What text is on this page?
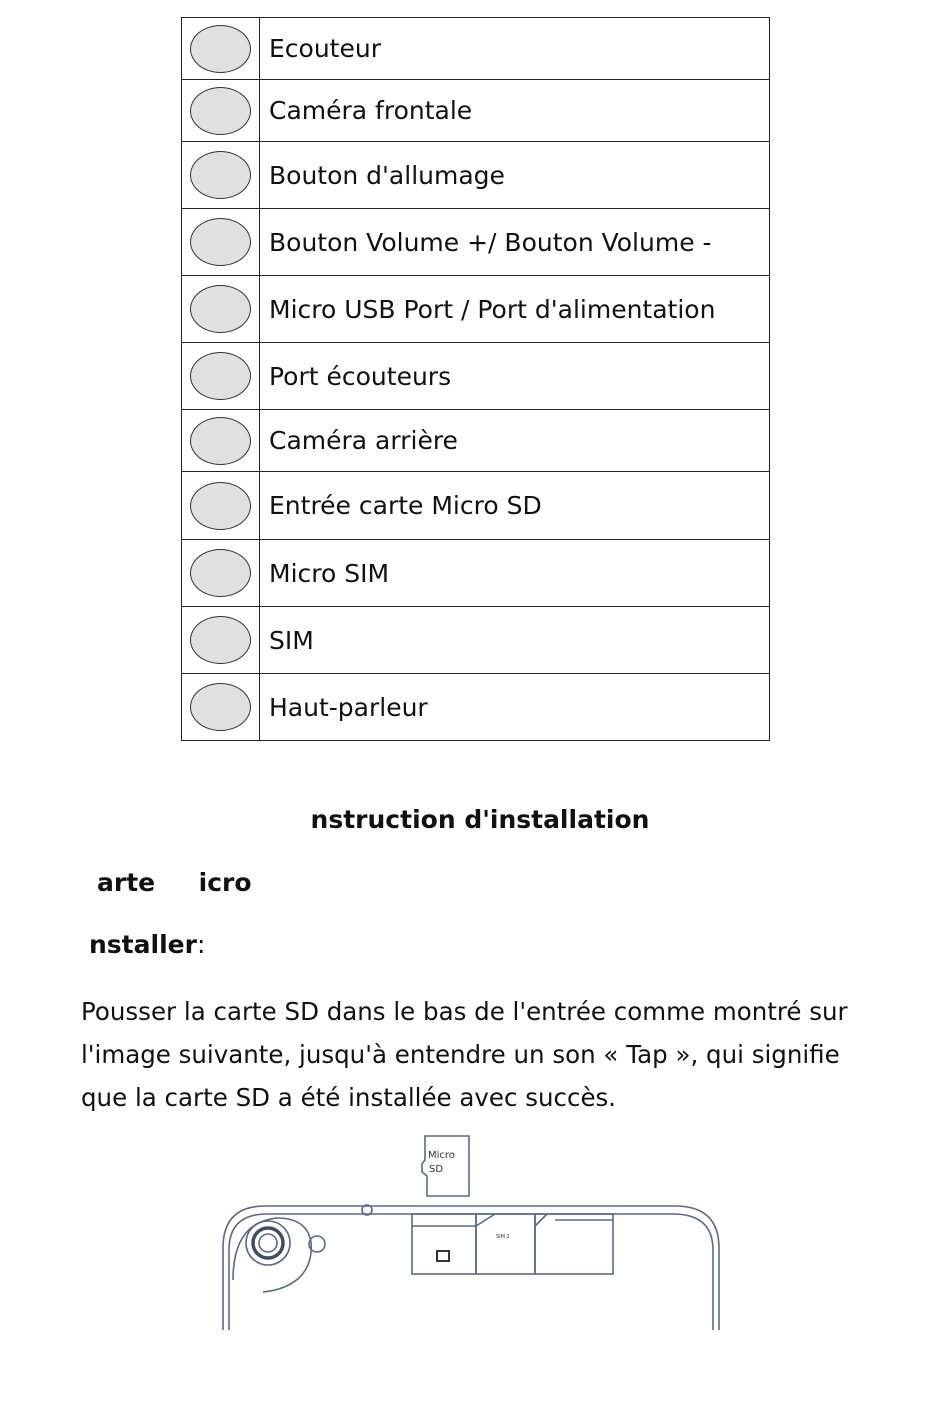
	Ecouteur
	Caméra frontale
	Bouton d'allumage
	Bouton Volume +/ Bouton Volume -
	Micro USB Port / Port d'alimentation
	Port écouteurs
	Caméra arrière
	Entrée carte Micro SD
	Micro SIM
	SIM
	Haut-parleur
nstruction d'installation
arte     icro
nstaller:
Pousser la carte SD dans le bas de l'entrée comme montré sur
l'image suivante, jusqu'à entendre un son « Tap », qui signifie
que la carte SD a été installée avec succès.
Micro
SD
SIM 2
